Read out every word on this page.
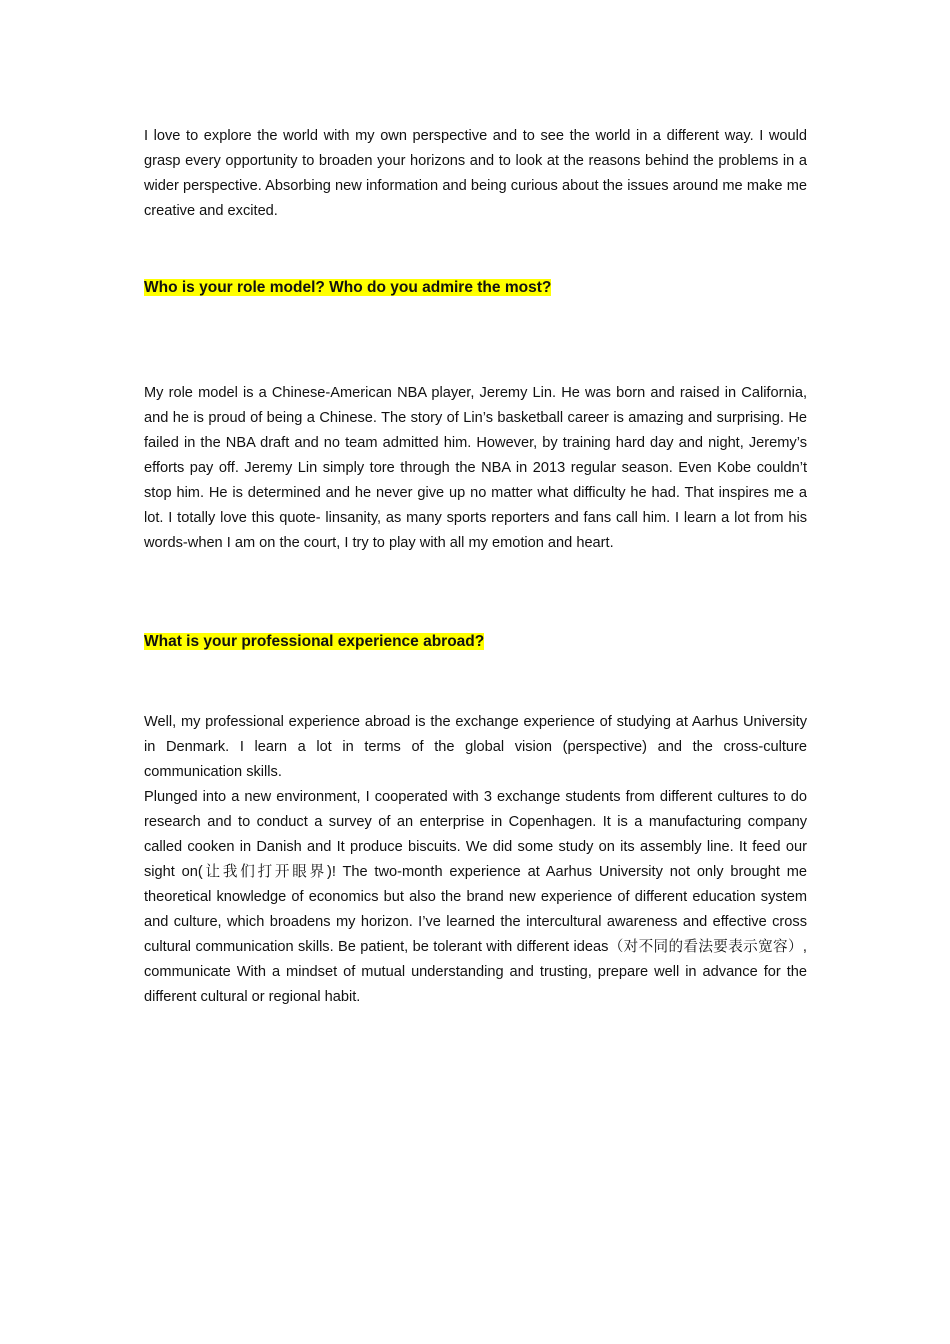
I love to explore the world with my own perspective and to see the world in a different way. I would grasp every opportunity to broaden your horizons and to look at the reasons behind the problems in a wider perspective. Absorbing new information and being curious about the issues around me make me creative and excited.

Who is your role model? Who do you admire the most?

My role model is a Chinese-American NBA player, Jeremy Lin. He was born and raised in California, and he is proud of being a Chinese. The story of Lin’s basketball career is amazing and surprising. He failed in the NBA draft and no team admitted him. However, by training hard day and night, Jeremy’s efforts pay off. Jeremy Lin simply tore through the NBA in 2013 regular season. Even Kobe couldn’t stop him. He is determined and he never give up no matter what difficulty he had. That inspires me a lot. I totally love this quote- linsanity, as many sports reporters and fans call him. I learn a lot from his words-when I am on the court, I try to play with all my emotion and heart.

What is your professional experience abroad?

Well, my professional experience abroad is the exchange experience of studying at Aarhus University in Denmark. I learn a lot in terms of the global vision (perspective) and the cross-culture communication skills.

Plunged into a new environment, I cooperated with 3 exchange students from different cultures to do research and to conduct a survey of an enterprise in Copenhagen. It is a manufacturing company called cooken in Danish and It produce biscuits. We did some study on its assembly line. It feed our sight on(让我们打开眼界)! The two-month experience at Aarhus University not only brought me theoretical knowledge of economics but also the brand new experience of different education system and culture, which broadens my horizon. I’ve learned the intercultural awareness and effective cross cultural communication skills. Be patient, be tolerant with different ideas（对不同的看法要表示宽容）, communicate With a mindset of mutual understanding and trusting, prepare well in advance for the different cultural or regional habit.
